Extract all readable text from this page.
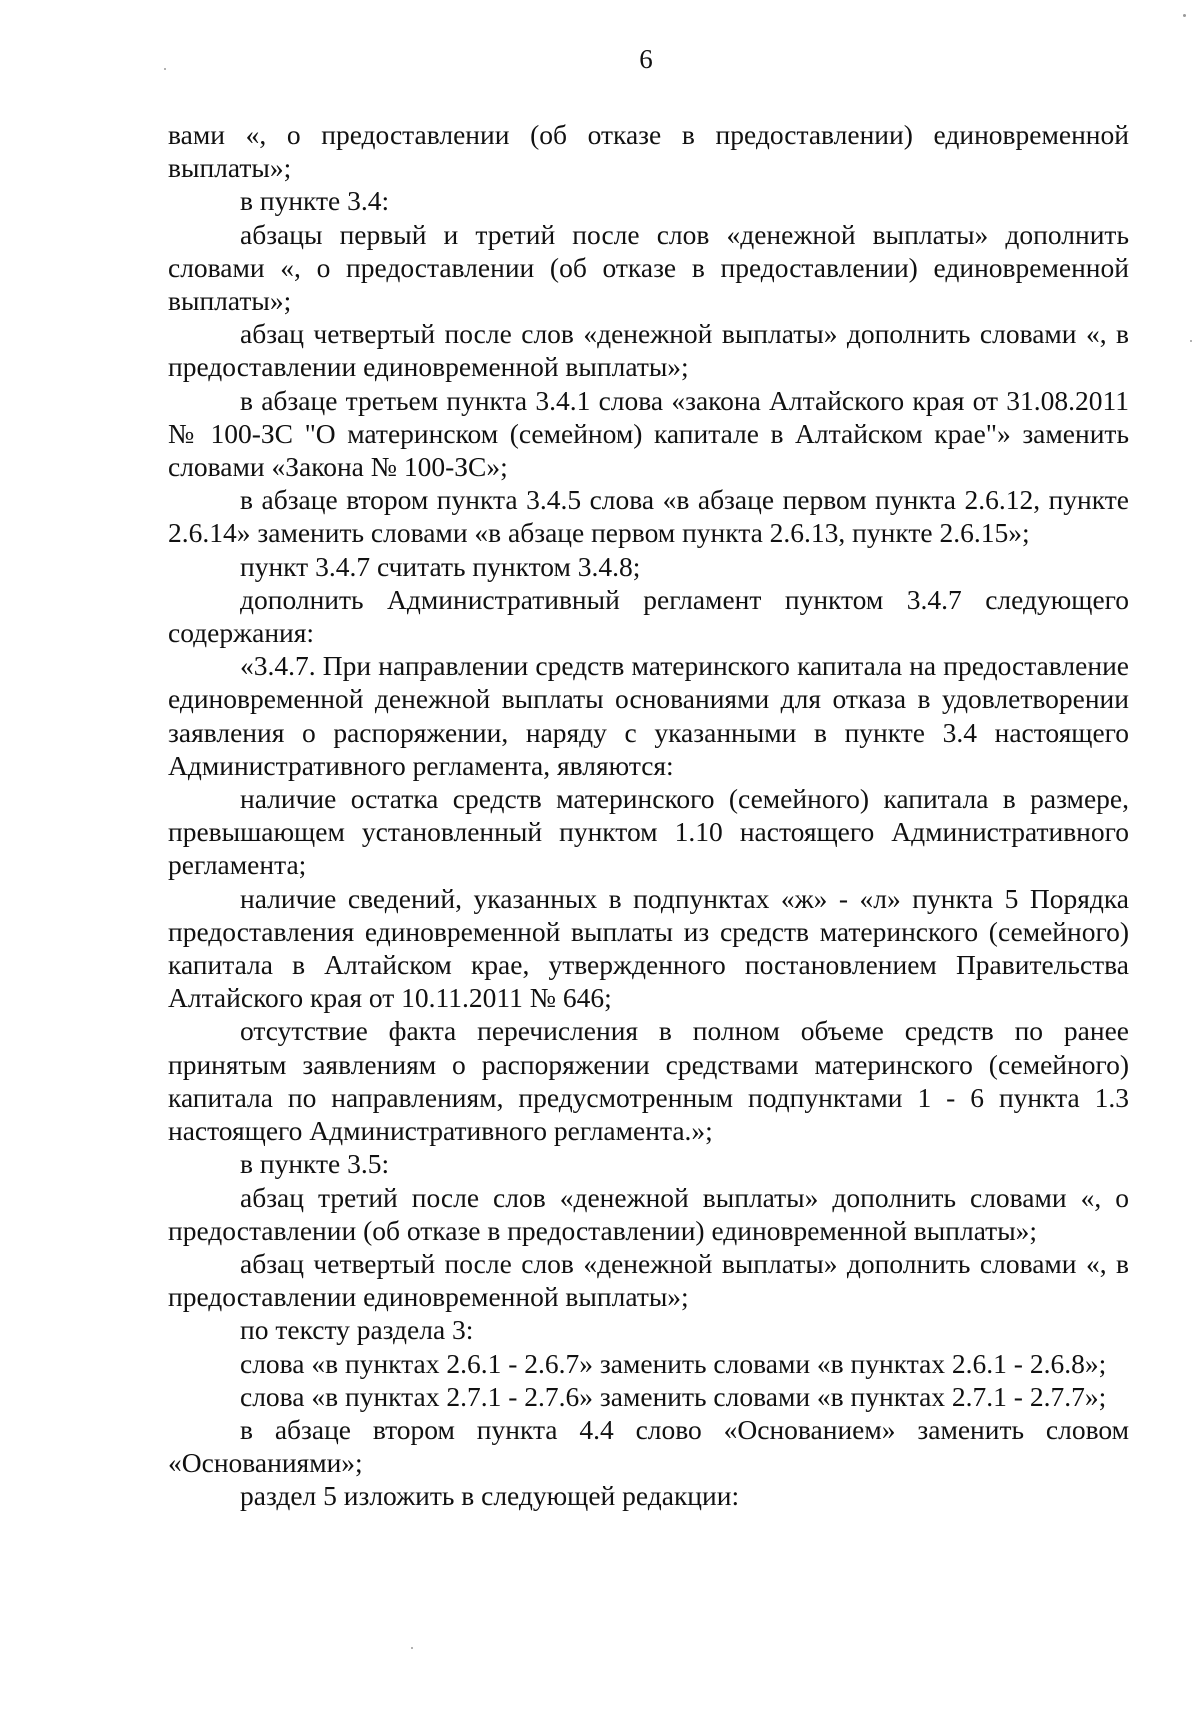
6

вами «, о предоставлении (об отказе в предоставлении) единовременной выплаты»;

в пункте 3.4:

абзацы первый и третий после слов «денежной выплаты» дополнить словами «, о предоставлении (об отказе в предоставлении) единовременной выплаты»;

абзац четвертый после слов «денежной выплаты» дополнить словами «, в предоставлении единовременной выплаты»;

в абзаце третьем пункта 3.4.1 слова «закона Алтайского края от 31.08.2011 № 100-ЗС "О материнском (семейном) капитале в Алтайском крае"» заменить словами «Закона № 100-ЗС»;

в абзаце втором пункта 3.4.5 слова «в абзаце первом пункта 2.6.12, пункте 2.6.14» заменить словами «в абзаце первом пункта 2.6.13, пункте 2.6.15»;

пункт 3.4.7 считать пунктом 3.4.8;

дополнить Административный регламент пунктом 3.4.7 следующего содержания:

«3.4.7. При направлении средств материнского капитала на предоставление единовременной денежной выплаты основаниями для отказа в удовлетворении заявления о распоряжении, наряду с указанными в пункте 3.4 настоящего Административного регламента, являются:

наличие остатка средств материнского (семейного) капитала в размере, превышающем установленный пунктом 1.10 настоящего Административного регламента;

наличие сведений, указанных в подпунктах «ж» - «л» пункта 5 Порядка предоставления единовременной выплаты из средств материнского (семейного) капитала в Алтайском крае, утвержденного постановлением Правительства Алтайского края от 10.11.2011 № 646;

отсутствие факта перечисления в полном объеме средств по ранее принятым заявлениям о распоряжении средствами материнского (семейного) капитала по направлениям, предусмотренным подпунктами 1 - 6 пункта 1.3 настоящего Административного регламента.»;

в пункте 3.5:

абзац третий после слов «денежной выплаты» дополнить словами «, о предоставлении (об отказе в предоставлении) единовременной выплаты»;

абзац четвертый после слов «денежной выплаты» дополнить словами «, в предоставлении единовременной выплаты»;

по тексту раздела 3:

слова «в пунктах 2.6.1 - 2.6.7» заменить словами «в пунктах 2.6.1 - 2.6.8»;

слова «в пунктах 2.7.1 - 2.7.6» заменить словами «в пунктах 2.7.1 - 2.7.7»;

в абзаце втором пункта 4.4 слово «Основанием» заменить словом «Основаниями»;

раздел 5 изложить в следующей редакции:
